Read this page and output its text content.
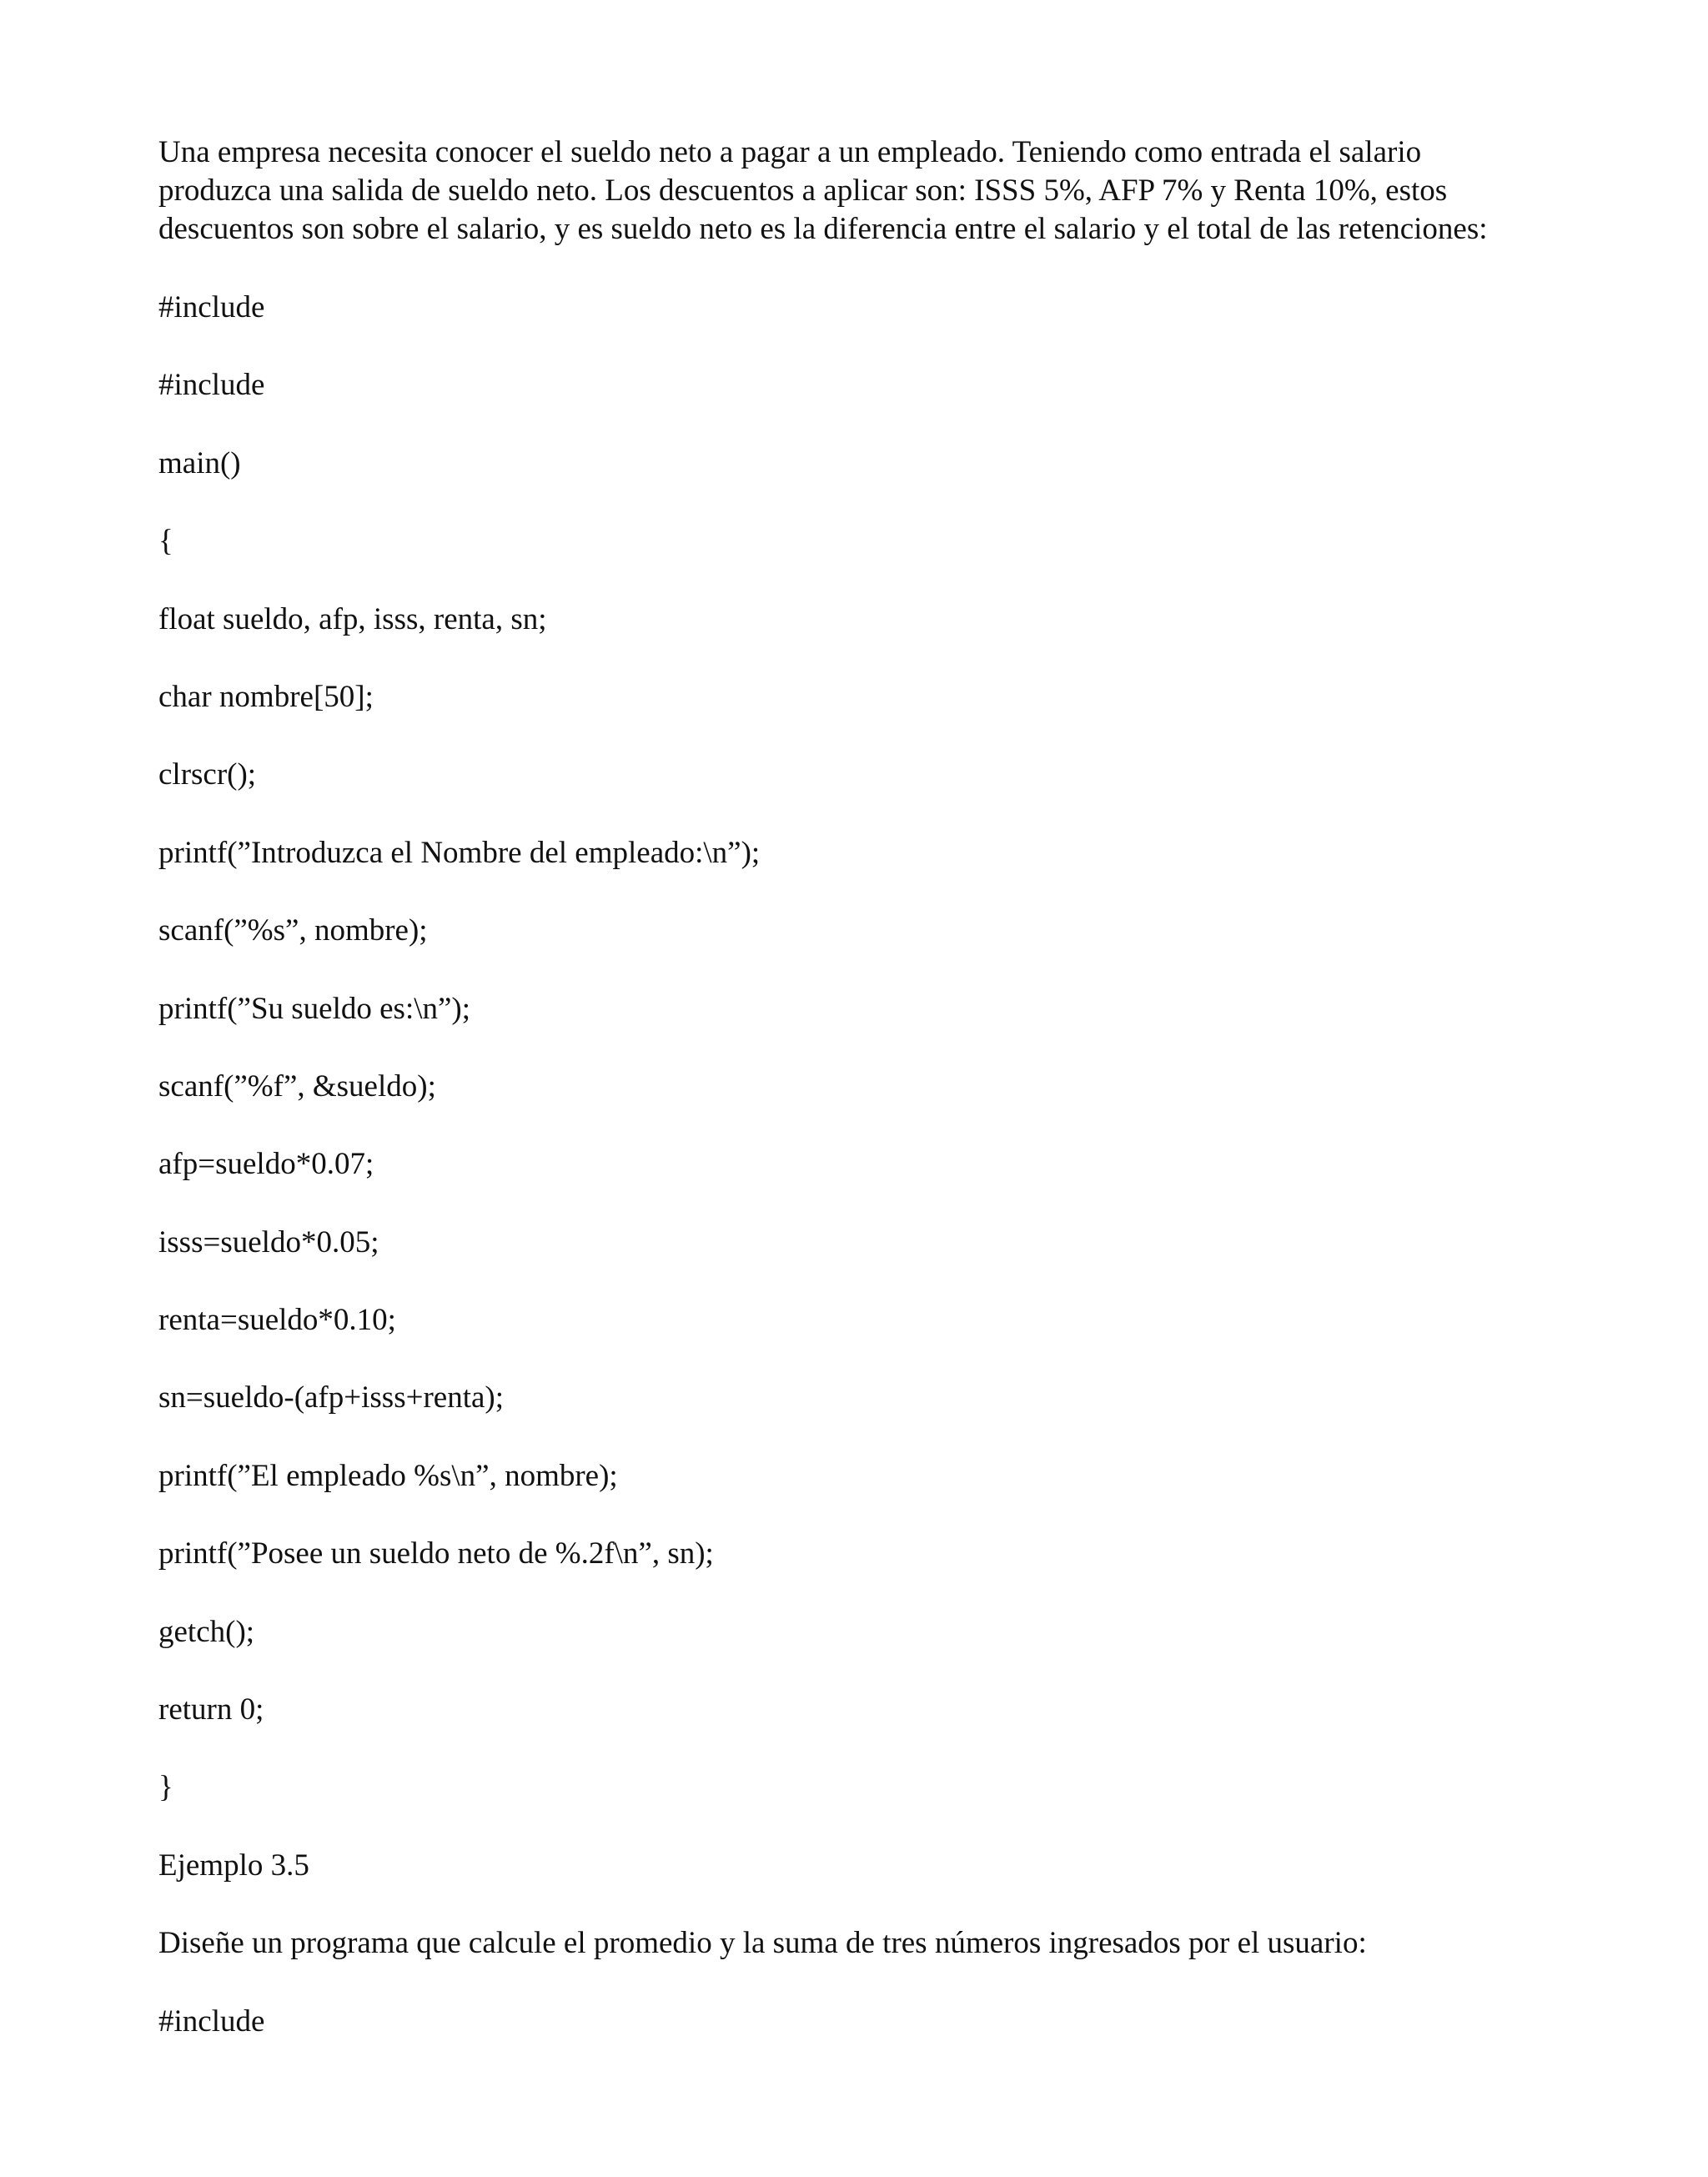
Una empresa necesita conocer el sueldo neto a pagar a un empleado. Teniendo como entrada el salario
produzca una salida de sueldo neto. Los descuentos a aplicar son: ISSS 5%, AFP 7% y Renta 10%, estos
descuentos son sobre el salario, y es sueldo neto es la diferencia entre el salario y el total de las retenciones:

#include
#include
main()
{
float sueldo, afp, isss, renta, sn;
char nombre[50];
clrscr();
printf(”Introduzca el Nombre del empleado:\n”);
scanf(”%s”, nombre);
printf(”Su sueldo es:\n”);
scanf(”%f”, &sueldo);
afp=sueldo*0.07;
isss=sueldo*0.05;
renta=sueldo*0.10;
sn=sueldo-(afp+isss+renta);
printf(”El empleado %s\n”, nombre);
printf(”Posee un sueldo neto de %.2f\n”, sn);
getch();
return 0;
}
Ejemplo 3.5
Diseñe un programa que calcule el promedio y la suma de tres números ingresados por el usuario:
#include
